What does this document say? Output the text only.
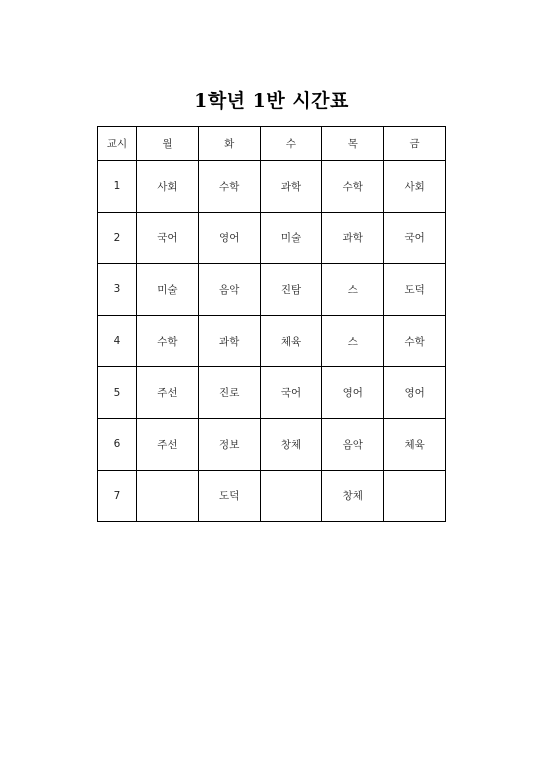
1학년 1반 시간표
교시	월	화	수	목	금
1	사회	수학	과학	수학	사회
2	국어	영어	미술	과학	국어
3	미술	음악	진탐	스	도덕
4	수학	과학	체육	스	수학
5	주선	진로	국어	영어	영어
6	주선	정보	창체	음악	체육
7		도덕		창체	
